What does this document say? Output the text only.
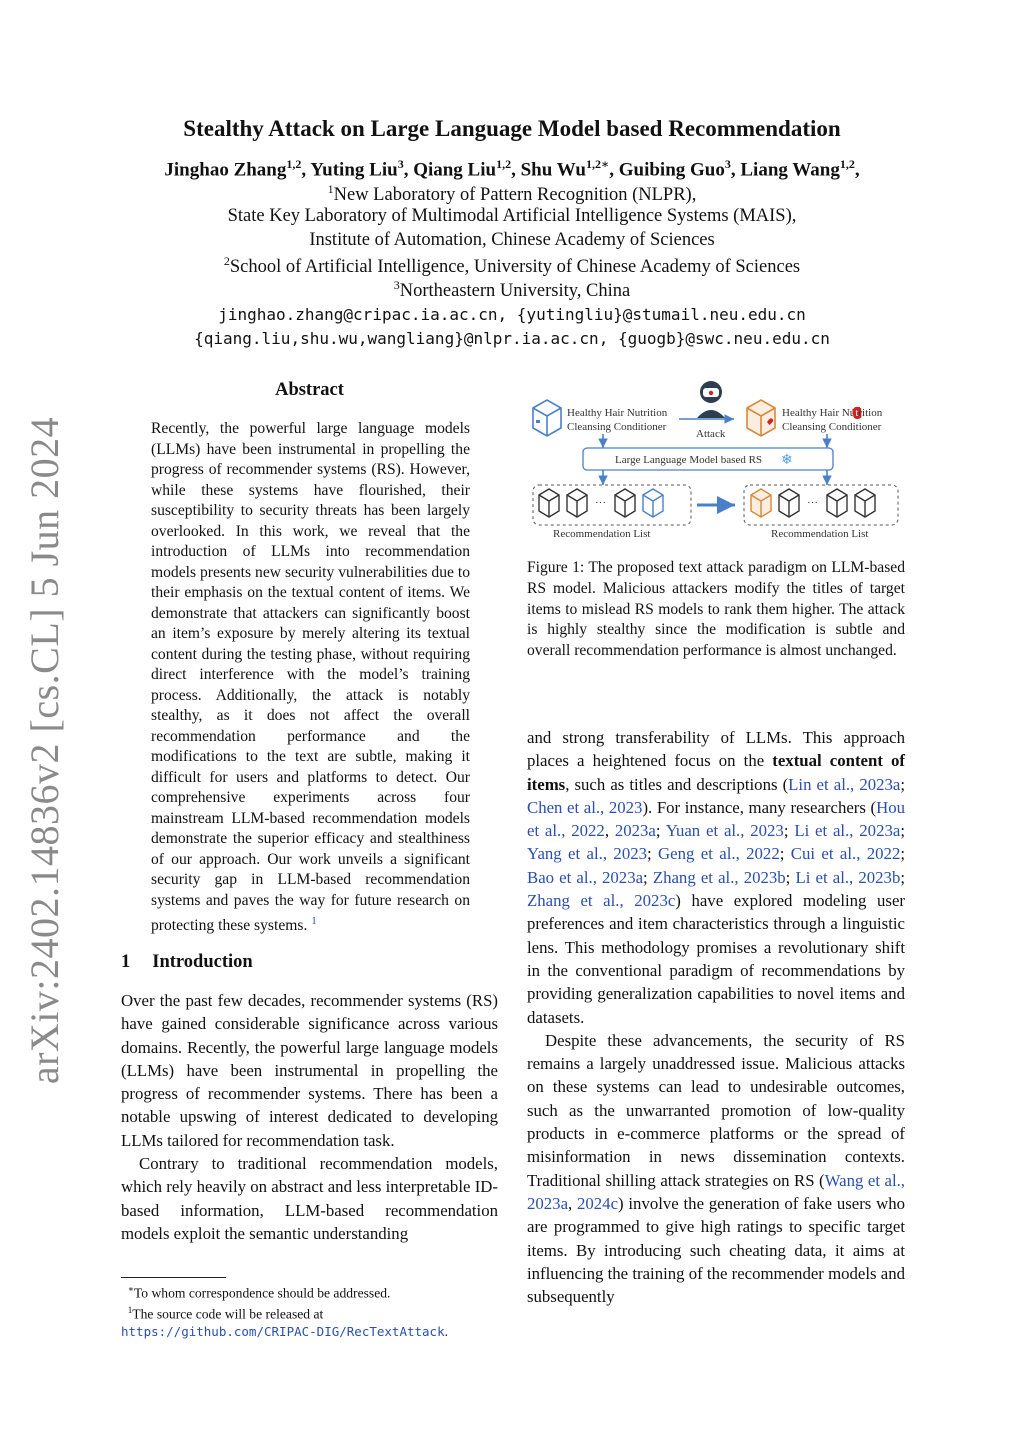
arXiv:2402.14836v2 [cs.CL] 5 Jun 2024
Stealthy Attack on Large Language Model based Recommendation
Jinghao Zhang$^{1,2}$, Yuting Liu$^3$, Qiang Liu$^{1,2}$, Shu $Wu^{1,2∗}$, Guibing Guo$^3$, Liang Wang$^{1,2}$,
$^1$New Laboratory of Pattern Recognition (NLPR),
State Key Laboratory of Multimodal Artificial Intelligence Systems (MAIS),
Institute of Automation, Chinese Academy of Sciences
$^2$School of Artificial Intelligence, University of Chinese Academy of Sciences
$^3$Northeastern University, China
jinghao.zhang@cripac.ia.ac.cn, {yutingliu}@stumail.neu.edu.cn
{qiang.liu,shu.wu,wangliang}@nlpr.ia.ac.cn, {guogb}@swc.neu.edu.cn
Abstract
Recently, the powerful large language models (LLMs) have been instrumental in propelling the progress of recommender systems (RS). However, while these systems have flourished, their susceptibility to security threats has been largely overlooked. In this work, we reveal that the introduction of LLMs into recommendation models presents new security vulnerabilities due to their emphasis on the textual content of items. We demonstrate that attackers can significantly boost an item’s exposure by merely altering its textual content during the testing phase, without requiring direct interference with the model’s training process. Additionally, the attack is notably stealthy, as it does not affect the overall recommendation performance and the modifications to the text are subtle, making it difficult for users and platforms to detect. Our comprehensive experiments across four mainstream LLM-based recommendation models demonstrate the superior efficacy and stealthiness of our approach. Our work unveils a significant security gap in LLM-based recommendation systems and paves the way for future research on protecting these systems. $^1$
1 Introduction

Over the past few decades, recommender systems (RS) have gained considerable significance across various domains. Recently, the powerful large language models (LLMs) have been instrumental in propelling the progress of recommender systems. There has been a notable upswing of interest dedicated to developing LLMs tailored for recommendation task.

Contrary to traditional recommendation models, which rely heavily on abstract and less interpretable ID-based information, LLM-based recommendation models exploit the semantic understanding

∗To whom correspondence should be addressed.
$^1$The source code will be released at https://github.com/CRIPAC-DIG/RecTextAttack.
Attack
Healthy Hair Nutrition
Cleansing Conditioner
Healthy Hair Nutrition
Cleansing Conditioner
Large Language Model based RS ❄
···
Recommendation List
···
Recommendation List
Figure 1: The proposed text attack paradigm on LLM-based RS model. Malicious attackers modify the titles of target items to mislead RS models to rank them higher. The attack is highly stealthy since the modification is subtle and overall recommendation performance is almost unchanged.

and strong transferability of LLMs. This approach places a heightened focus on the textual content of items, such as titles and descriptions (Lin et al., 2023a; Chen et al., 2023). For instance, many researchers (Hou et al., 2022, 2023a; Yuan et al., 2023; Li et al., 2023a; Yang et al., 2023; Geng et al., 2022; Cui et al., 2022; Bao et al., 2023a; Zhang et al., 2023b; Li et al., 2023b; Zhang et al., 2023c) have explored modeling user preferences and item characteristics through a linguistic lens. This methodology promises a revolutionary shift in the conventional paradigm of recommendations by providing generalization capabilities to novel items and datasets.

Despite these advancements, the security of RS remains a largely unaddressed issue. Malicious attacks on these systems can lead to undesirable outcomes, such as the unwarranted promotion of low-quality products in e-commerce platforms or the spread of misinformation in news dissemination contexts. Traditional shilling attack strategies on RS (Wang et al., 2023a, 2024c) involve the generation of fake users who are programmed to give high ratings to specific target items. By introducing such cheating data, it aims at influencing the training of the recommender models and subsequently
